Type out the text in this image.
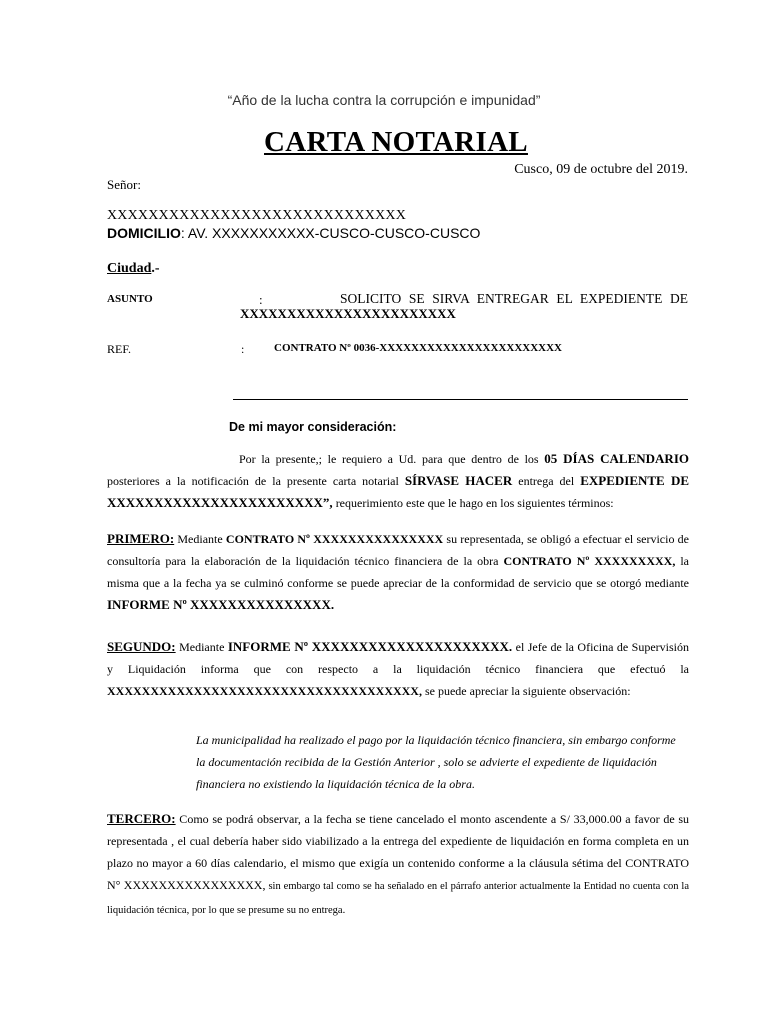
“Año de la lucha contra la corrupción e impunidad”
CARTA NOTARIAL
Cusco, 09 de octubre del 2019.
Señor:
XXXXXXXXXXXXXXXXXXXXXXXXXXXXX
DOMICILIO: AV. XXXXXXXXXXX-CUSCO-CUSCO-CUSCO
Ciudad.-
ASUNTO	:	SOLICITO SE SIRVA ENTREGAR EL EXPEDIENTE DE
XXXXXXXXXXXXXXXXXXXXXXX
REF.	:	CONTRATO Nº 0036-XXXXXXXXXXXXXXXXXXXXXXX
De mi mayor consideración:
Por la presente,; le requiero a Ud. para que dentro de los 05 DÍAS CALENDARIO posteriores a la notificación de la presente carta notarial SÍRVASE HACER entrega del EXPEDIENTE DE XXXXXXXXXXXXXXXXXXXXXXX”, requerimiento este que le hago en los siguientes términos:
PRIMERO: Mediante CONTRATO Nº XXXXXXXXXXXXXXX su representada, se obligó a efectuar el servicio de consultoría para la elaboración de la liquidación técnico financiera de la obra CONTRATO Nº XXXXXXXXX, la misma que a la fecha ya se culminó conforme se puede apreciar de la conformidad de servicio que se otorgó mediante INFORME Nº XXXXXXXXXXXXXXX.
SEGUNDO: Mediante INFORME Nº XXXXXXXXXXXXXXXXXXXXX. el Jefe de la Oficina de Supervisión y Liquidación informa que con respecto a la liquidación técnico financiera que efectuó la XXXXXXXXXXXXXXXXXXXXXXXXXXXXXXXXXXXX, se puede apreciar la siguiente observación:
La municipalidad ha realizado el pago por la liquidación técnico financiera, sin embargo conforme la documentación recibida de la Gestión Anterior , solo se advierte el expediente de liquidación financiera no existiendo la liquidación técnica de la obra.
TERCERO: Como se podrá observar, a la fecha se tiene cancelado el monto ascendente a S/ 33,000.00 a favor de su representada , el cual debería haber sido viabilizado a la entrega del expediente de liquidación en forma completa en un plazo no mayor a 60 días calendario, el mismo que exigía un contenido conforme a la cláusula sétima del CONTRATO N° XXXXXXXXXXXXXXXX, sin embargo tal como se ha señalado en el párrafo anterior actualmente la Entidad no cuenta con la liquidación técnica, por lo que se presume su no entrega.
